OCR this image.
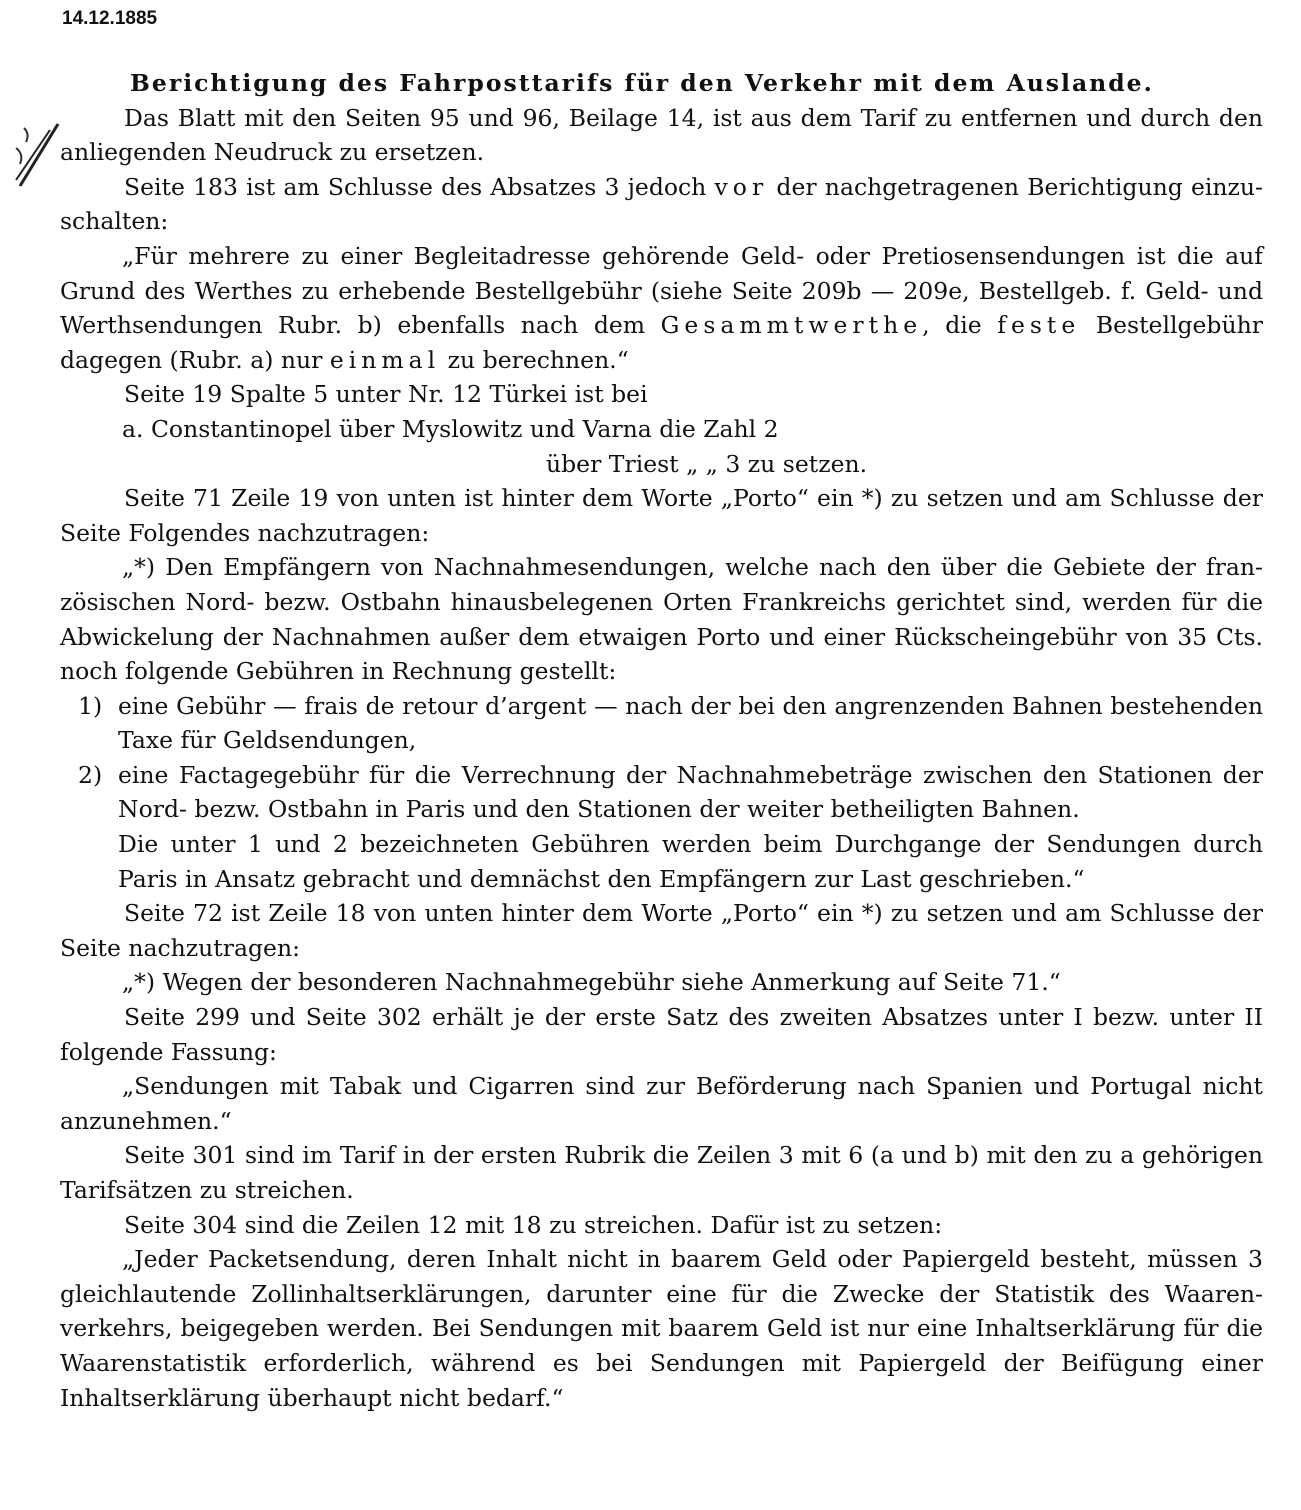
14.12.1885

Berichtigung des Fahrposttarifs für den Verkehr mit dem Auslande.

Das Blatt mit den Seiten 95 und 96, Beilage 14, ist aus dem Tarif zu entfernen und durch den anliegenden Neudruck zu ersetzen.

Seite 183 ist am Schlusse des Absatzes 3 jedoch vor der nachgetragenen Berichtigung einzu- schalten:

„Für mehrere zu einer Begleitadresse gehörende Geld- oder Pretiosensendungen ist die auf Grund des Werthes zu erhebende Bestellgebühr (siehe Seite 209b — 209e, Bestellgeb. f. Geld- und Werthsendungen Rubr. b) ebenfalls nach dem Gesammtwerthe, die feste Bestellgebühr dagegen (Rubr. a) nur einmal zu berechnen.“

Seite 19 Spalte 5 unter Nr. 12 Türkei ist bei

a. Constantinopel über Myslowitz und Varna die Zahl 2

über Triest „ „ 3 zu setzen.

Seite 71 Zeile 19 von unten ist hinter dem Worte „Porto“ ein *) zu setzen und am Schlusse der Seite Folgendes nachzutragen:

„*) Den Empfängern von Nachnahmesendungen, welche nach den über die Gebiete der fran- zösischen Nord- bezw. Ostbahn hinausbelegenen Orten Frankreichs gerichtet sind, werden für die Abwickelung der Nachnahmen außer dem etwaigen Porto und einer Rückscheingebühr von 35 Cts. noch folgende Gebühren in Rechnung gestellt:

1) eine Gebühr — frais de retour d’argent — nach der bei den angrenzenden Bahnen bestehenden Taxe für Geldsendungen,

2) eine Factagegebühr für die Verrechnung der Nachnahmebeträge zwischen den Stationen der Nord- bezw. Ostbahn in Paris und den Stationen der weiter betheiligten Bahnen.

Die unter 1 und 2 bezeichneten Gebühren werden beim Durchgange der Sendungen durch Paris in Ansatz gebracht und demnächst den Empfängern zur Last geschrieben.“

Seite 72 ist Zeile 18 von unten hinter dem Worte „Porto“ ein *) zu setzen und am Schlusse der Seite nachzutragen:

„*) Wegen der besonderen Nachnahmegebühr siehe Anmerkung auf Seite 71.“

Seite 299 und Seite 302 erhält je der erste Satz des zweiten Absatzes unter I bezw. unter II folgende Fassung:

„Sendungen mit Tabak und Cigarren sind zur Beförderung nach Spanien und Portugal nicht anzunehmen.“

Seite 301 sind im Tarif in der ersten Rubrik die Zeilen 3 mit 6 (a und b) mit den zu a gehörigen Tarifsätzen zu streichen.

Seite 304 sind die Zeilen 12 mit 18 zu streichen. Dafür ist zu setzen:

„Jeder Packetsendung, deren Inhalt nicht in baarem Geld oder Papiergeld besteht, müssen 3 gleichlautende Zollinhaltserklärungen, darunter eine für die Zwecke der Statistik des Waaren- verkehrs, beigegeben werden. Bei Sendungen mit baarem Geld ist nur eine Inhaltserklärung für die Waarenstatistik erforderlich, während es bei Sendungen mit Papiergeld der Beifügung einer Inhaltserklärung überhaupt nicht bedarf.“
